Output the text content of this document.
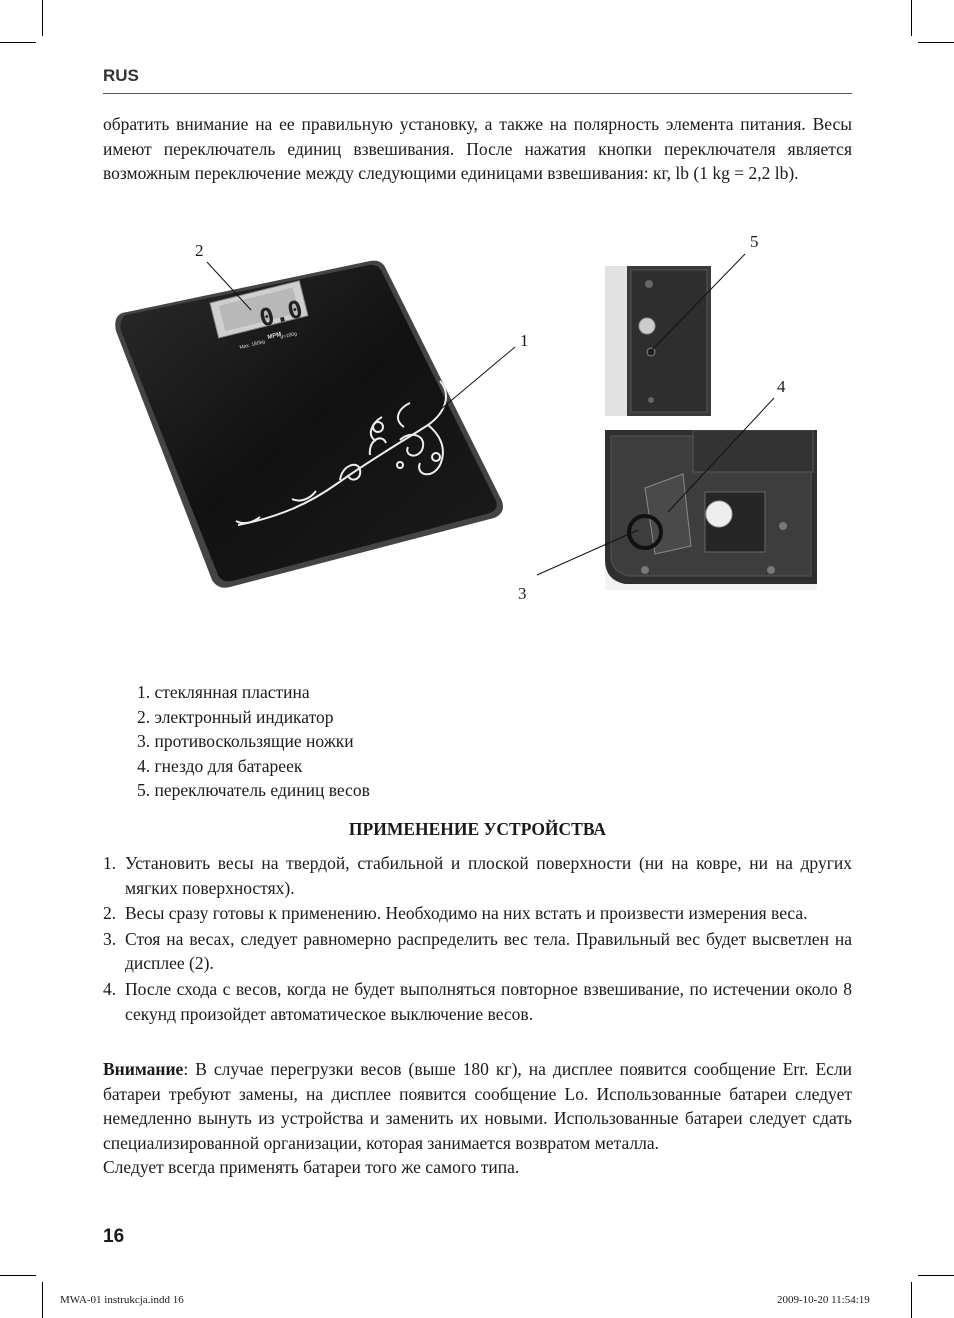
RUS
обратить внимание на ее правильную установку, а также на полярность элемента питания. Весы имеют переключатель единиц взвешивания. После нажатия кнопки переключателя является возможным переключение между следующими единицами взвешивания: кг, lb (1 kg = 2,2 lb).
0.0
Max. 180kg
d=100g
MPM
2
1
5
4
3
1. стеклянная пластина
2. электронный индикатор
3. противоскользящие ножки
4. гнездо для батареек
5. переключатель единиц весов
ПРИМЕНЕНИЕ УСТРОЙСТВА
1. Установить весы на твердой, стабильной и плоской поверхности (ни на ковре, ни на других мягких поверхностях).
2. Весы сразу готовы к применению. Необходимо на них встать и произвести измерения веса.
3. Стоя на весах, следует равномерно распределить вес тела. Правильный вес будет высветлен на дисплее (2).
4. После схода с весов, когда не будет выполняться повторное взвешивание, по истечении около 8 секунд произойдет автоматическое выключение весов.
Внимание: В случае перегрузки весов (выше 180 кг), на дисплее появится сообщение Err. Если батареи требуют замены, на дисплее появится сообщение Lo. Использованные батареи следует немедленно вынуть из устройства и заменить их новыми. Использованные батареи следует сдать специализированной организации, которая занимается возвратом металла.
Следует всегда применять батареи того же самого типа.
16
MWA-01 instrukcja.indd 16	2009-10-20 11:54:19
